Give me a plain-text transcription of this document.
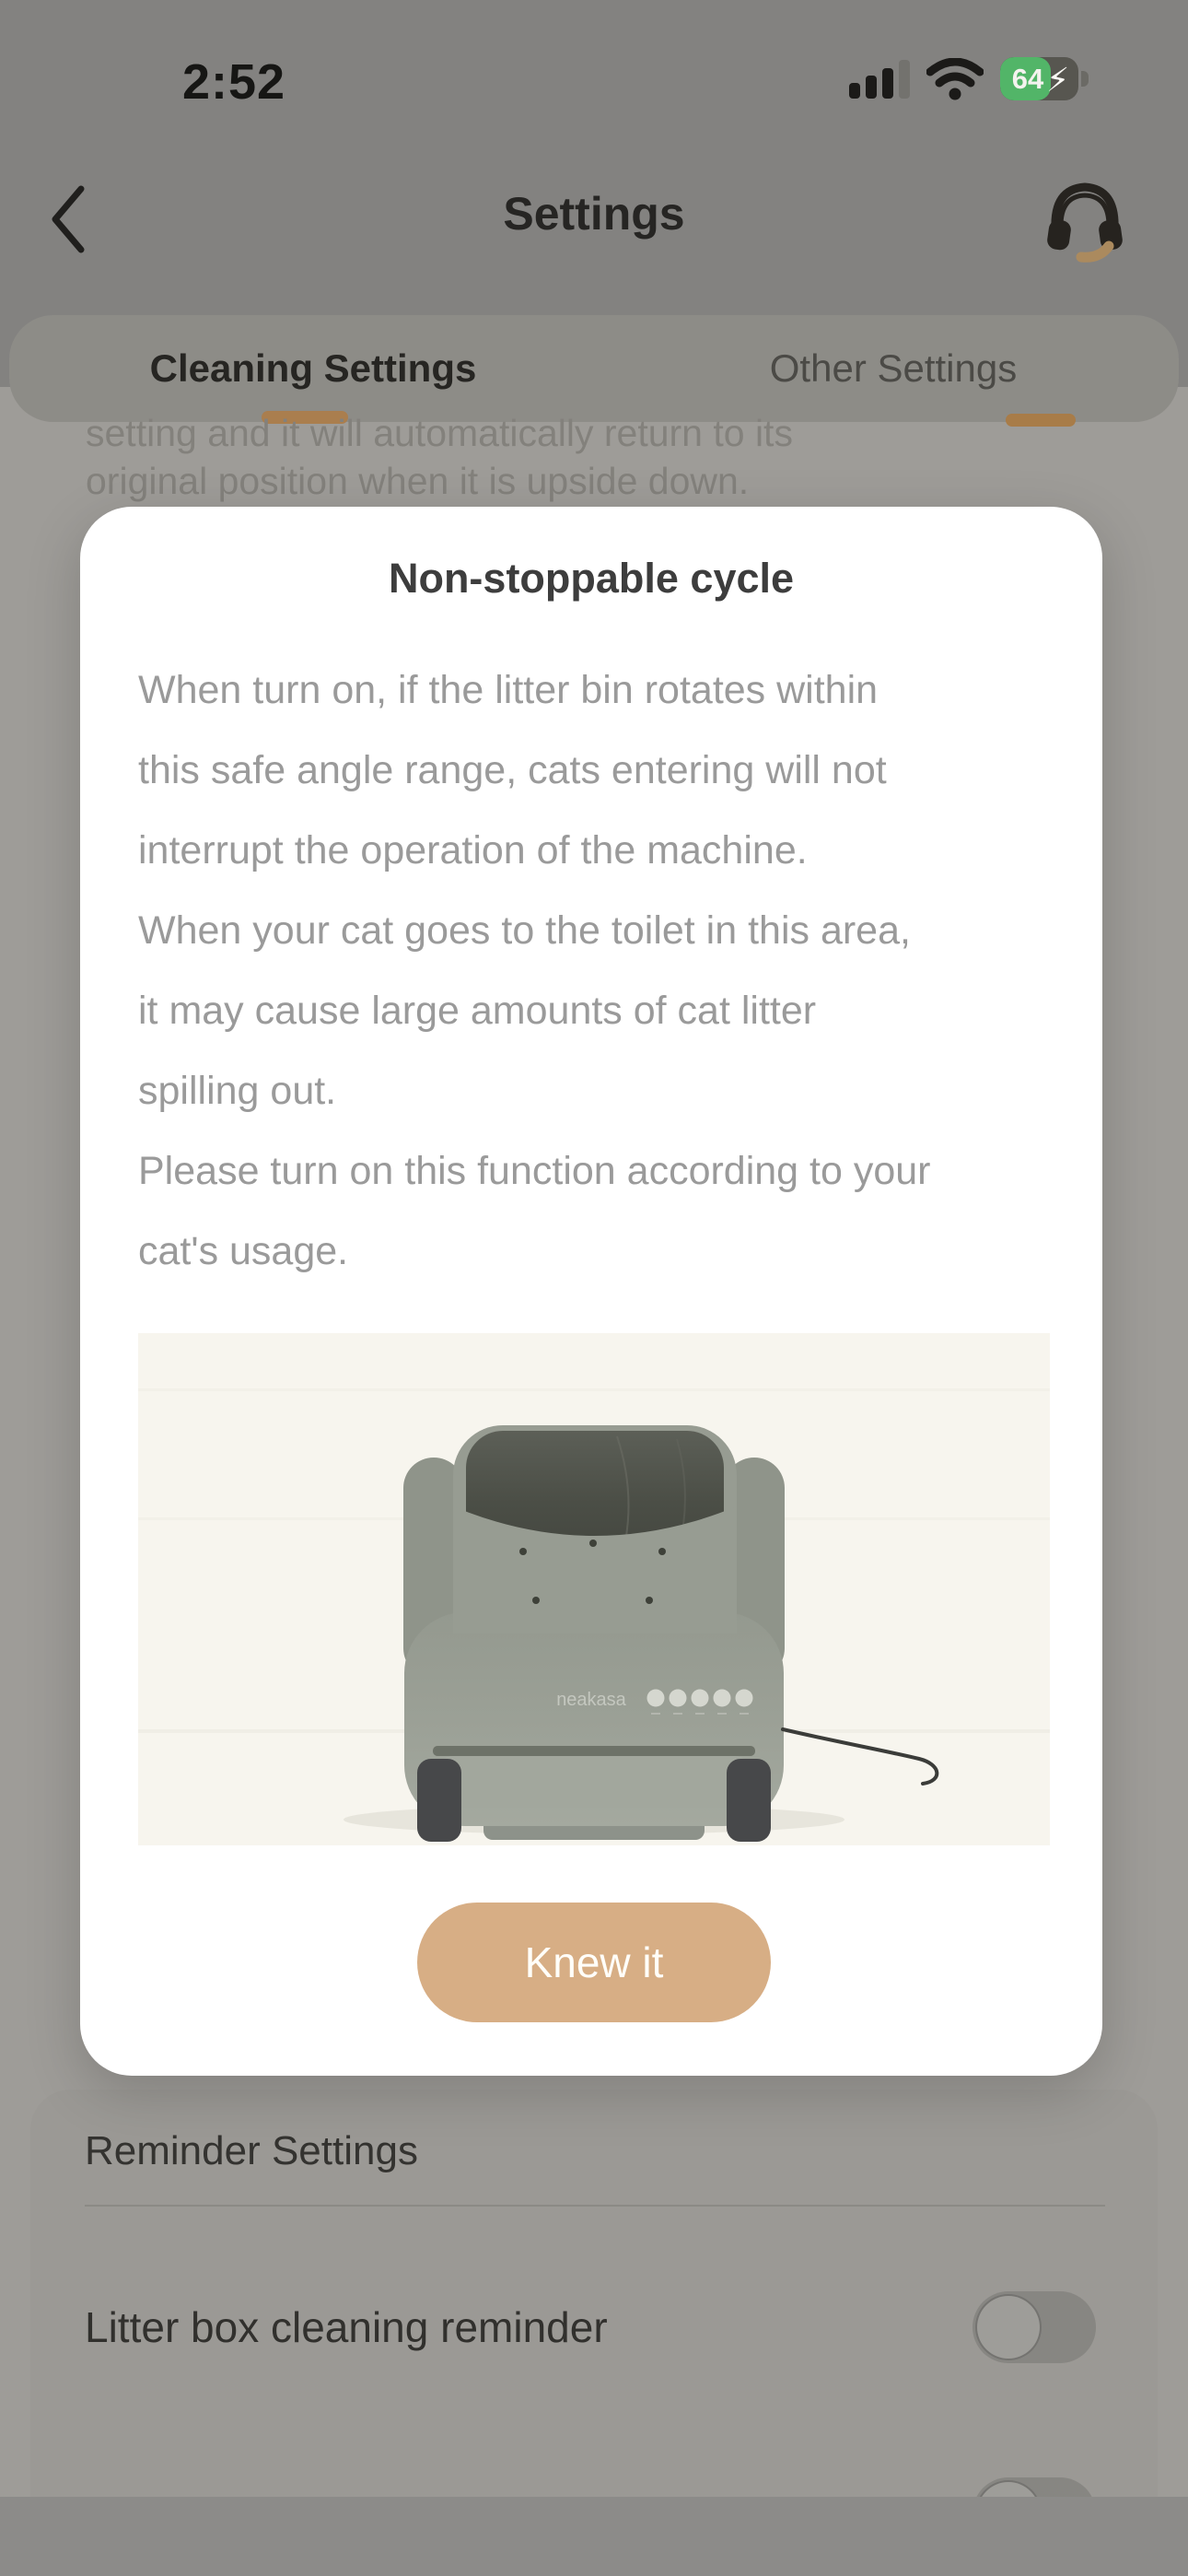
2:52	64 ⚡︎
Settings
Cleaning Settings	Other Settings
setting and it will automatically return to its
original position when it is upside down.
Reminder Settings
Litter box cleaning reminder
Non-stoppable cycle
When turn on, if the litter bin rotates within
this safe angle range, cats entering will not
interrupt the operation of the machine.
When your cat goes to the toilet in this area,
it may cause large amounts of cat litter
spilling out.
Please turn on this function according to your
cat's usage.
neakasa
Knew it
